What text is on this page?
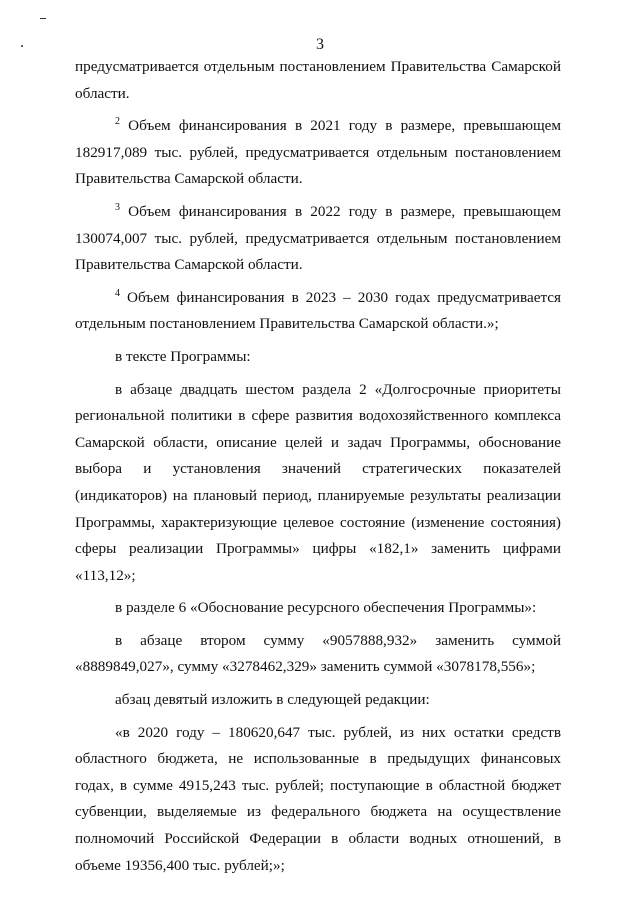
3

предусматривается отдельным постановлением Правительства Самарской области.

$^2$ Объем финансирования в 2021 году в размере, превышающем 182917,089 тыс. рублей, предусматривается отдельным постановлением Правительства Самарской области.

$^3$ Объем финансирования в 2022 году в размере, превышающем 130074,007 тыс. рублей, предусматривается отдельным постановлением Правительства Самарской области.

$^4$ Объем финансирования в 2023 – 2030 годах предусматривается отдельным постановлением Правительства Самарской области.»;

в тексте Программы:

в абзаце двадцать шестом раздела 2 «Долгосрочные приоритеты региональной политики в сфере развития водохозяйственного комплекса Самарской области, описание целей и задач Программы, обоснование выбора и установления значений стратегических показателей (индикаторов) на плановый период, планируемые результаты реализации Программы, характеризующие целевое состояние (изменение состояния) сферы реализации Программы» цифры «182,1» заменить цифрами «113,12»;

в разделе 6 «Обоснование ресурсного обеспечения Программы»:

в абзаце втором сумму «9057888,932» заменить суммой «8889849,027», сумму «3278462,329» заменить суммой «3078178,556»;

абзац девятый изложить в следующей редакции:

«в 2020 году – 180620,647 тыс. рублей, из них остатки средств областного бюджета, не использованные в предыдущих финансовых годах, в сумме 4915,243 тыс. рублей; поступающие в областной бюджет субвенции, выделяемые из федерального бюджета на осуществление полномочий Российской Федерации в области водных отношений, в объеме 19356,400 тыс. рублей;»;
